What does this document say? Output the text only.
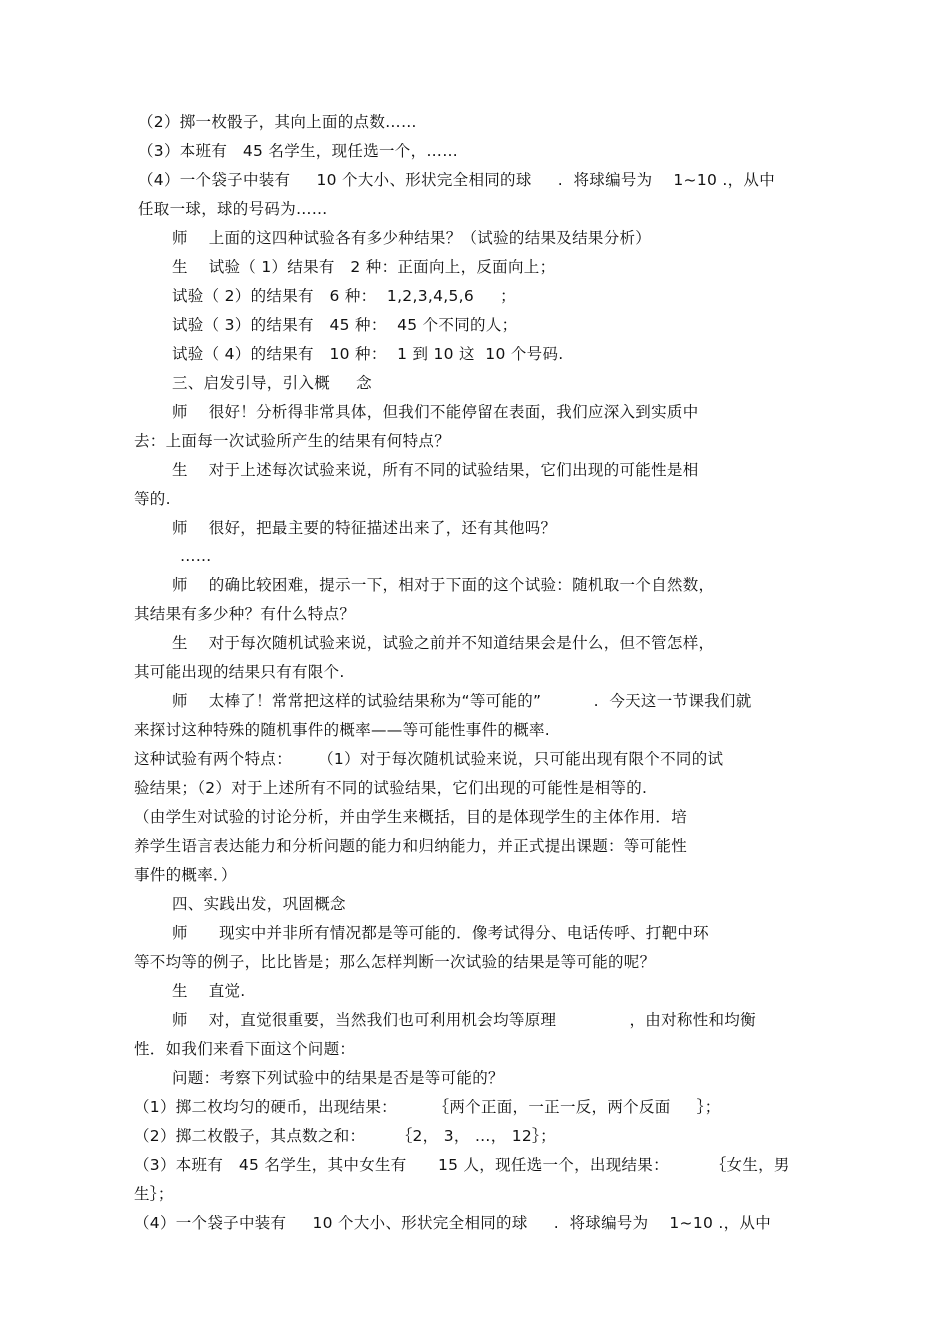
（2）掷一枚骰子，其向上面的点数……
（3）本班有   45 名学生，现任选一个，……
（4）一个袋子中装有     10 个大小、形状完全相同的球     .  将球编号为    1~10 .，从中
任取一球，球的号码为……
师    上面的这四种试验各有多少种结果？（试验的结果及结果分析）
生    试验（ 1）结果有   2 种：正面向上，反面向上；
试验（ 2）的结果有   6 种：  1,2,3,4,5,6     ；
试验（ 3）的结果有   45 种：  45 个不同的人；
试验（ 4）的结果有   10 种：  1 到 10 这  10 个号码.
三、启发引导，引入概     念
师    很好！分析得非常具体，但我们不能停留在表面，我们应深入到实质中
去：上面每一次试验所产生的结果有何特点？
生    对于上述每次试验来说，所有不同的试验结果，它们出现的可能性是相
等的.
师    很好，把最主要的特征描述出来了，还有其他吗？
……
师    的确比较困难，提示一下，相对于下面的这个试验：随机取一个自然数，
其结果有多少种？有什么特点？
生    对于每次随机试验来说，试验之前并不知道结果会是什么，但不管怎样，
其可能出现的结果只有有限个.
师    太棒了！常常把这样的试验结果称为“等可能的”          .  今天这一节课我们就
来探讨这种特殊的随机事件的概率——等可能性事件的概率.
这种试验有两个特点：     （1）对于每次随机试验来说，只可能出现有限个不同的试
验结果；（2）对于上述所有不同的试验结果，它们出现的可能性是相等的.
（由学生对试验的讨论分析，并由学生来概括，目的是体现学生的主体作用．培
养学生语言表达能力和分析问题的能力和归纳能力，并正式提出课题：等可能性
事件的概率．）
四、实践出发，巩固概念
师      现实中并非所有情况都是等可能的．像考试得分、电话传呼、打靶中环
等不均等的例子，比比皆是；那么怎样判断一次试验的结果是等可能的呢？
生    直觉.
师    对，直觉很重要，当然我们也可利用机会均等原理              ，由对称性和均衡
性．如我们来看下面这个问题：
问题：考察下列试验中的结果是否是等可能的？
（1）掷二枚均匀的硬币，出现结果：       ｛两个正面，一正一反，两个反面     ｝；
（2）掷二枚骰子，其点数之和：      ｛2， 3， …， 12｝；
（3）本班有   45 名学生，其中女生有      15 人，现任选一个，出现结果：        ｛女生，男
生｝；
（4）一个袋子中装有     10 个大小、形状完全相同的球     .  将球编号为    1~10 .，从中
